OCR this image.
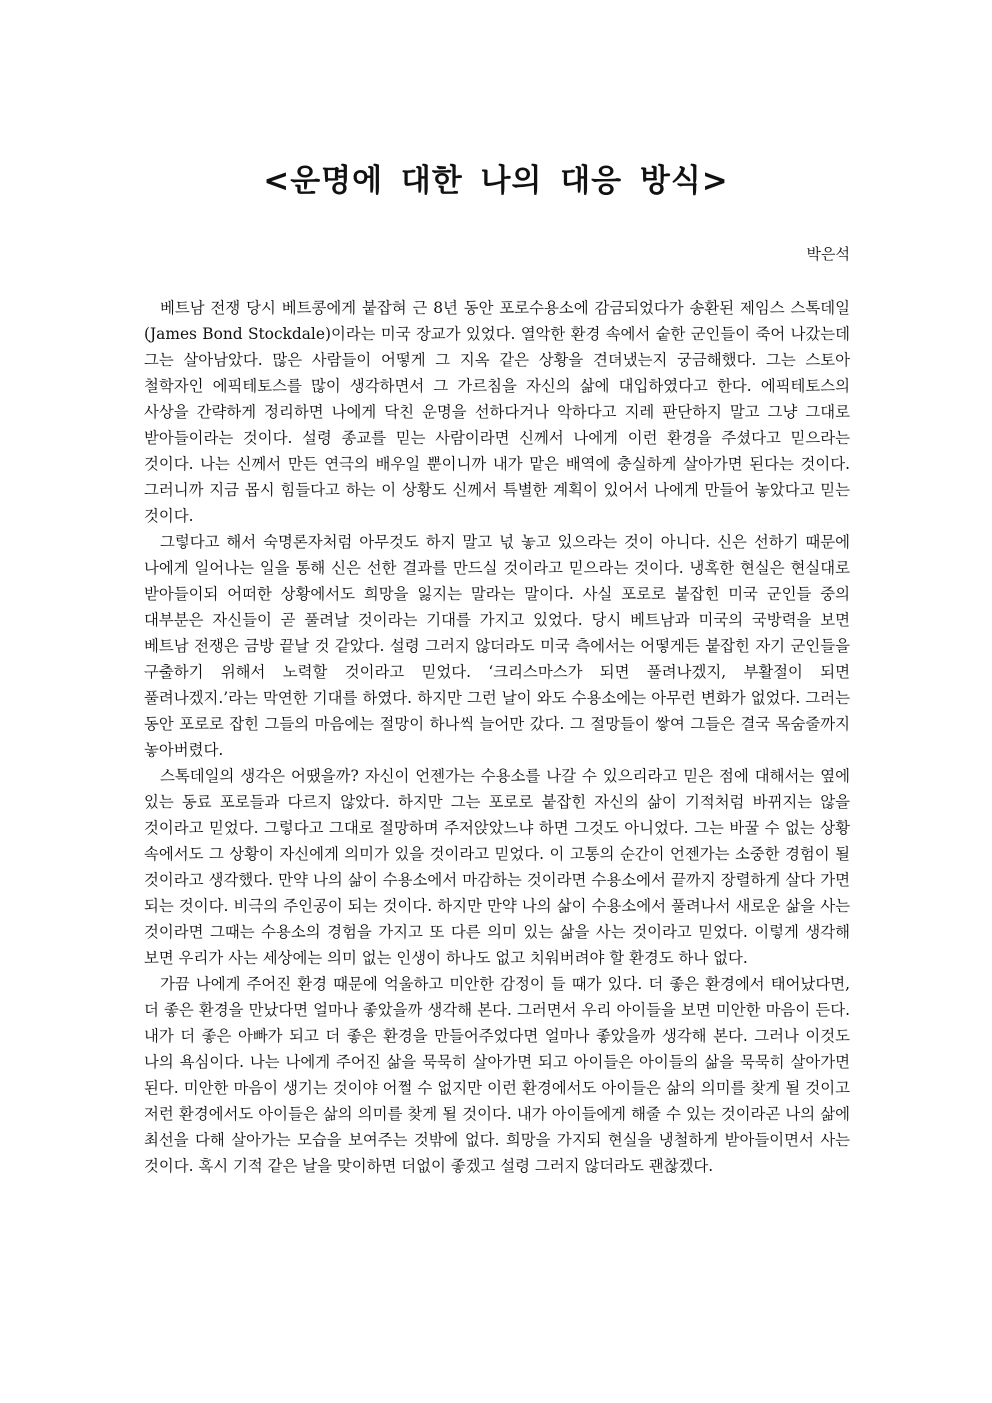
<운명에 대한 나의 대응 방식>

박은석

베트남 전쟁 당시 베트콩에게 붙잡혀 근 8년 동안 포로수용소에 감금되었다가 송환된 제임스 스톡데일(James Bond Stockdale)이라는 미국 장교가 있었다. 열악한 환경 속에서 숱한 군인들이 죽어 나갔는데 그는 살아남았다. 많은 사람들이 어떻게 그 지옥 같은 상황을 견뎌냈는지 궁금해했다. 그는 스토아 철학자인 에픽테토스를 많이 생각하면서 그 가르침을 자신의 삶에 대입하였다고 한다. 에픽테토스의 사상을 간략하게 정리하면 나에게 닥친 운명을 선하다거나 악하다고 지레 판단하지 말고 그냥 그대로 받아들이라는 것이다. 설령 종교를 믿는 사람이라면 신께서 나에게 이런 환경을 주셨다고 믿으라는 것이다. 나는 신께서 만든 연극의 배우일 뿐이니까 내가 맡은 배역에 충실하게 살아가면 된다는 것이다. 그러니까 지금 몹시 힘들다고 하는 이 상황도 신께서 특별한 계획이 있어서 나에게 만들어 놓았다고 믿는 것이다.

그렇다고 해서 숙명론자처럼 아무것도 하지 말고 넋 놓고 있으라는 것이 아니다. 신은 선하기 때문에 나에게 일어나는 일을 통해 신은 선한 결과를 만드실 것이라고 믿으라는 것이다. 냉혹한 현실은 현실대로 받아들이되 어떠한 상황에서도 희망을 잃지는 말라는 말이다. 사실 포로로 붙잡힌 미국 군인들 중의 대부분은 자신들이 곧 풀려날 것이라는 기대를 가지고 있었다. 당시 베트남과 미국의 국방력을 보면 베트남 전쟁은 금방 끝날 것 같았다. 설령 그러지 않더라도 미국 측에서는 어떻게든 붙잡힌 자기 군인들을 구출하기 위해서 노력할 것이라고 믿었다. ‘크리스마스가 되면 풀려나겠지, 부활절이 되면 풀려나겠지.’라는 막연한 기대를 하였다. 하지만 그런 날이 와도 수용소에는 아무런 변화가 없었다. 그러는 동안 포로로 잡힌 그들의 마음에는 절망이 하나씩 늘어만 갔다. 그 절망들이 쌓여 그들은 결국 목숨줄까지 놓아버렸다.

스톡데일의 생각은 어땠을까? 자신이 언젠가는 수용소를 나갈 수 있으리라고 믿은 점에 대해서는 옆에 있는 동료 포로들과 다르지 않았다. 하지만 그는 포로로 붙잡힌 자신의 삶이 기적처럼 바뀌지는 않을 것이라고 믿었다. 그렇다고 그대로 절망하며 주저앉았느냐 하면 그것도 아니었다. 그는 바꿀 수 없는 상황 속에서도 그 상황이 자신에게 의미가 있을 것이라고 믿었다. 이 고통의 순간이 언젠가는 소중한 경험이 될 것이라고 생각했다. 만약 나의 삶이 수용소에서 마감하는 것이라면 수용소에서 끝까지 장렬하게 살다 가면 되는 것이다. 비극의 주인공이 되는 것이다. 하지만 만약 나의 삶이 수용소에서 풀려나서 새로운 삶을 사는 것이라면 그때는 수용소의 경험을 가지고 또 다른 의미 있는 삶을 사는 것이라고 믿었다. 이렇게 생각해 보면 우리가 사는 세상에는 의미 없는 인생이 하나도 없고 치워버려야 할 환경도 하나 없다.

가끔 나에게 주어진 환경 때문에 억울하고 미안한 감정이 들 때가 있다. 더 좋은 환경에서 태어났다면, 더 좋은 환경을 만났다면 얼마나 좋았을까 생각해 본다. 그러면서 우리 아이들을 보면 미안한 마음이 든다. 내가 더 좋은 아빠가 되고 더 좋은 환경을 만들어주었다면 얼마나 좋았을까 생각해 본다. 그러나 이것도 나의 욕심이다. 나는 나에게 주어진 삶을 묵묵히 살아가면 되고 아이들은 아이들의 삶을 묵묵히 살아가면 된다. 미안한 마음이 생기는 것이야 어쩔 수 없지만 이런 환경에서도 아이들은 삶의 의미를 찾게 될 것이고 저런 환경에서도 아이들은 삶의 의미를 찾게 될 것이다. 내가 아이들에게 해줄 수 있는 것이라곤 나의 삶에 최선을 다해 살아가는 모습을 보여주는 것밖에 없다. 희망을 가지되 현실을 냉철하게 받아들이면서 사는 것이다. 혹시 기적 같은 날을 맞이하면 더없이 좋겠고 설령 그러지 않더라도 괜찮겠다.
